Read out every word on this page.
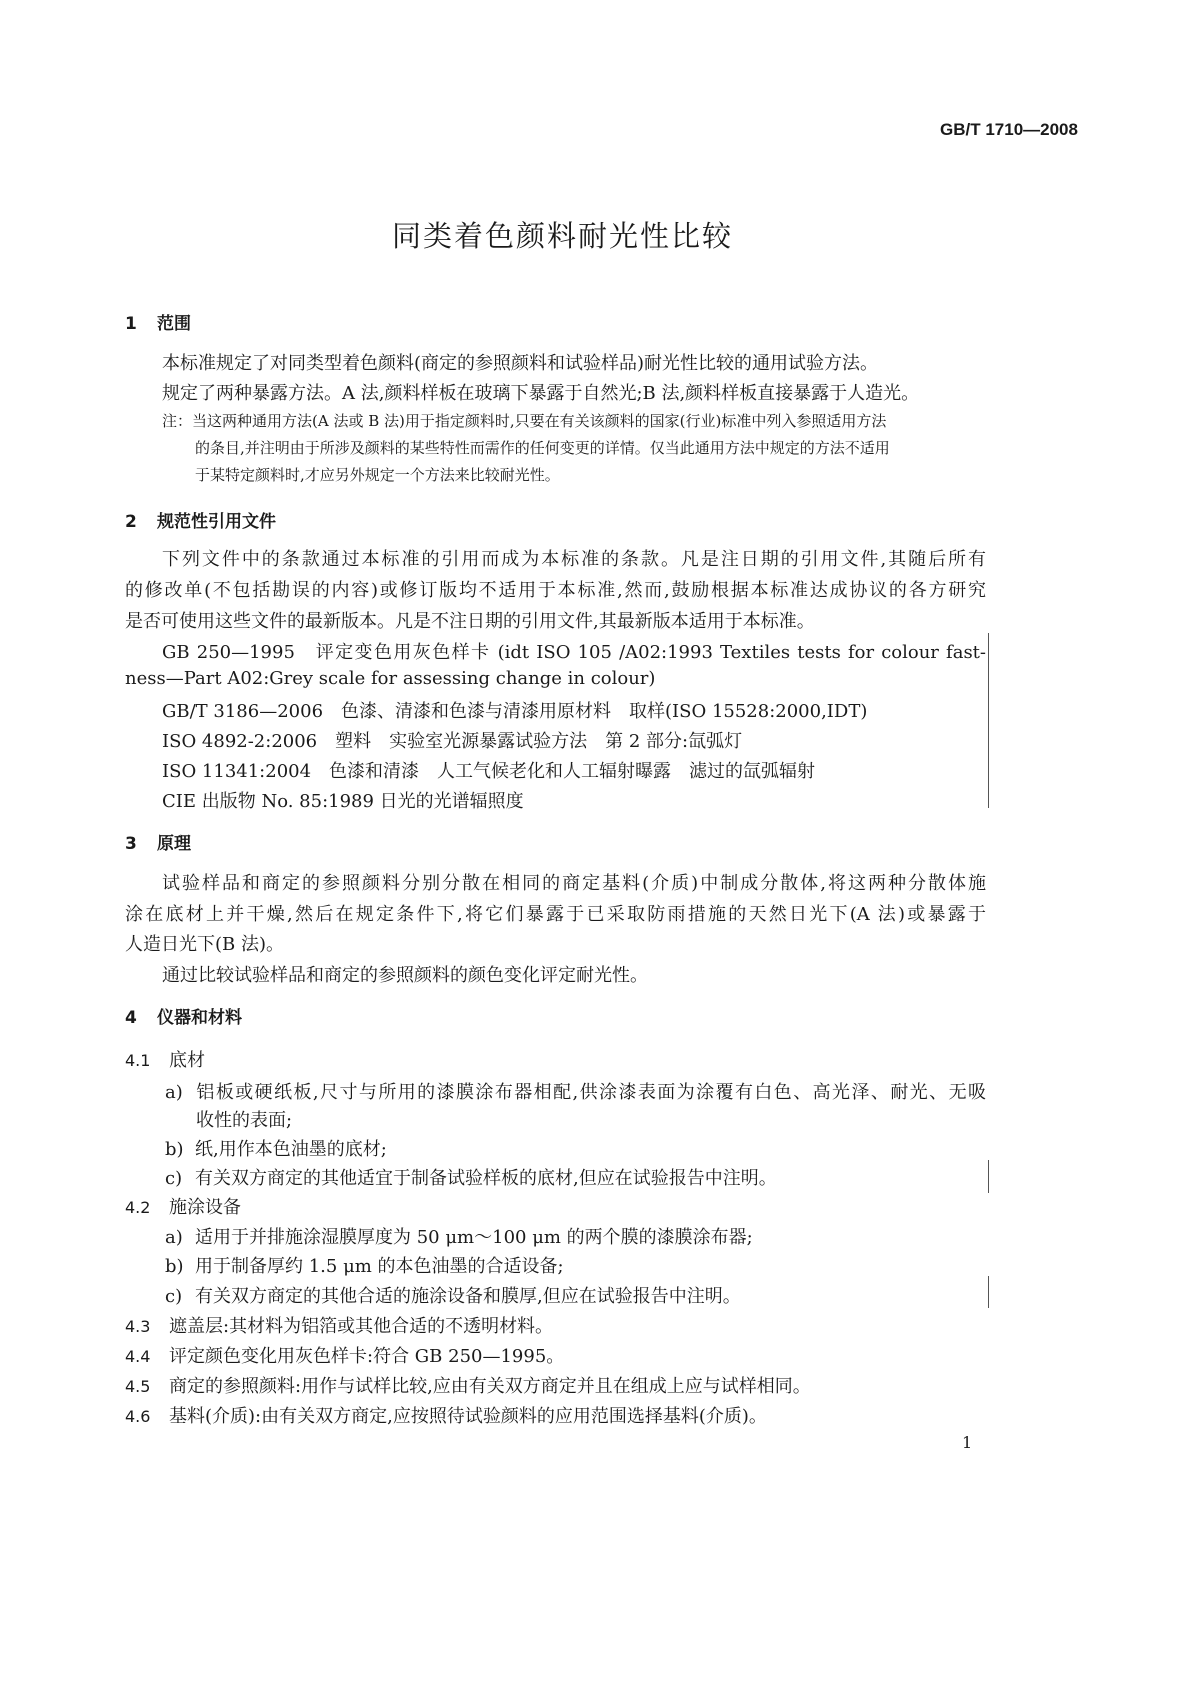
GB/T 1710—2008
同类着色颜料耐光性比较
1 范围
本标准规定了对同类型着色颜料(商定的参照颜料和试验样品)耐光性比较的通用试验方法。
规定了两种暴露方法。A 法,颜料样板在玻璃下暴露于自然光;B 法,颜料样板直接暴露于人造光。
注：当这两种通用方法(A 法或 B 法)用于指定颜料时,只要在有关该颜料的国家(行业)标准中列入参照适用方法
的条目,并注明由于所涉及颜料的某些特性而需作的任何变更的详情。仅当此通用方法中规定的方法不适用
于某特定颜料时,才应另外规定一个方法来比较耐光性。
2 规范性引用文件
下列文件中的条款通过本标准的引用而成为本标准的条款。凡是注日期的引用文件,其随后所有
的修改单(不包括勘误的内容)或修订版均不适用于本标准,然而,鼓励根据本标准达成协议的各方研究
是否可使用这些文件的最新版本。凡是不注日期的引用文件,其最新版本适用于本标准。
GB 250—1995　评定变色用灰色样卡 (idt ISO 105 /A02:1993 Textiles tests for colour fast-
ness—Part A02:Grey scale for assessing change in colour)
GB/T 3186—2006　色漆、清漆和色漆与清漆用原材料　取样(ISO 15528:2000,IDT)
ISO 4892-2:2006　塑料　实验室光源暴露试验方法　第 2 部分:氙弧灯
ISO 11341:2004　色漆和清漆　人工气候老化和人工辐射曝露　滤过的氙弧辐射
CIE 出版物 No. 85:1989 日光的光谱辐照度
3 原理
试验样品和商定的参照颜料分别分散在相同的商定基料(介质)中制成分散体,将这两种分散体施
涂在底材上并干燥,然后在规定条件下,将它们暴露于已采取防雨措施的天然日光下(A 法)或暴露于
人造日光下(B 法)。
通过比较试验样品和商定的参照颜料的颜色变化评定耐光性。
4 仪器和材料
4.1 底材
a) 铝板或硬纸板,尺寸与所用的漆膜涂布器相配,供涂漆表面为涂覆有白色、高光泽、耐光、无吸
收性的表面;
b) 纸,用作本色油墨的底材;
c) 有关双方商定的其他适宜于制备试验样板的底材,但应在试验报告中注明。
4.2 施涂设备
a) 适用于并排施涂湿膜厚度为 50 μm～100 μm 的两个膜的漆膜涂布器;
b) 用于制备厚约 1.5 μm 的本色油墨的合适设备;
c) 有关双方商定的其他合适的施涂设备和膜厚,但应在试验报告中注明。
4.3 遮盖层:其材料为铝箔或其他合适的不透明材料。
4.4 评定颜色变化用灰色样卡:符合 GB 250—1995。
4.5 商定的参照颜料:用作与试样比较,应由有关双方商定并且在组成上应与试样相同。
4.6 基料(介质):由有关双方商定,应按照待试验颜料的应用范围选择基料(介质)。
1
